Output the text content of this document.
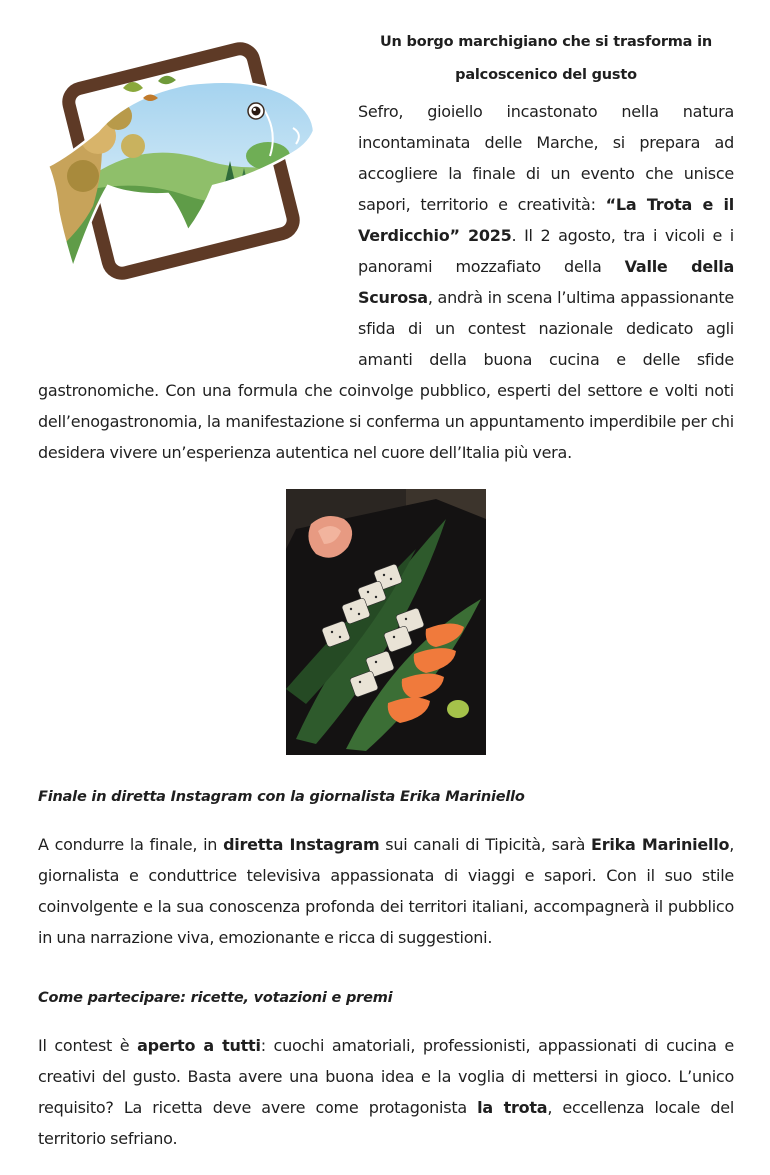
Un borgo marchigiano che si trasforma in

palcoscenico del gusto

Sefro, gioiello incastonato nella natura incontaminata delle Marche, si prepara ad accogliere la finale di un evento che unisce sapori, territorio e creatività: “La Trota e il Verdicchio” 2025. Il 2 agosto, tra i vicoli e i panorami mozzafiato della Valle della Scurosa, andrà in scena l’ultima appassionante sfida di un contest nazionale dedicato agli amanti della buona cucina e delle sfide gastronomiche. Con una formula che coinvolge pubblico, esperti del settore e volti noti dell’enogastronomia, la manifestazione si conferma un appuntamento imperdibile per chi desidera vivere un’esperienza autentica nel cuore dell’Italia più vera.

Finale in diretta Instagram con la giornalista Erika Mariniello

A condurre la finale, in diretta Instagram sui canali di Tipicità, sarà Erika Mariniello, giornalista e conduttrice televisiva appassionata di viaggi e sapori. Con il suo stile coinvolgente e la sua conoscenza profonda dei territori italiani, accompagnerà il pubblico in una narrazione viva, emozionante e ricca di suggestioni.

Come partecipare: ricette, votazioni e premi

Il contest è aperto a tutti: cuochi amatoriali, professionisti, appassionati di cucina e creativi del gusto. Basta avere una buona idea e la voglia di mettersi in gioco. L’unico requisito? La ricetta deve avere come protagonista la trota, eccellenza locale del territorio sefriano.
